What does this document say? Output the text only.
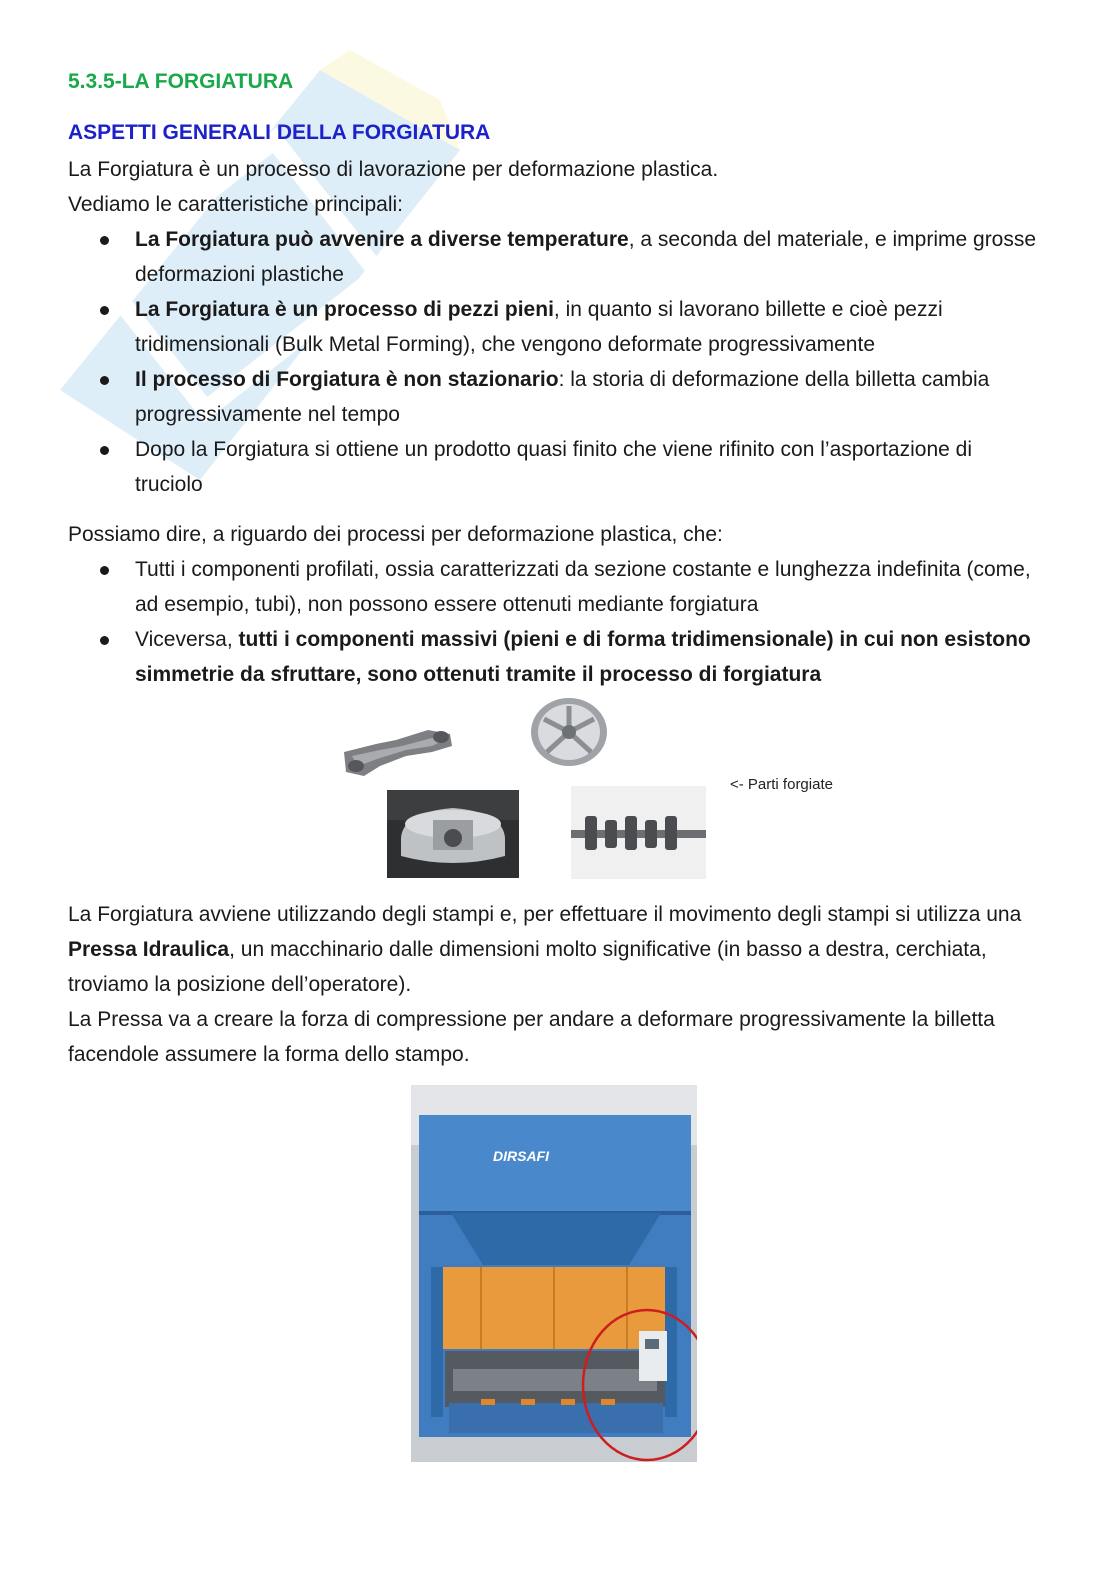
5.3.5-LA FORGIATURA
ASPETTI GENERALI DELLA FORGIATURA

La Forgiatura è un processo di lavorazione per deformazione plastica.

Vediamo le caratteristiche principali:

La Forgiatura può avvenire a diverse temperature, a seconda del materiale, e imprime grosse deformazioni plastiche
La Forgiatura è un processo di pezzi pieni, in quanto si lavorano billette e cioè pezzi tridimensionali (Bulk Metal Forming), che vengono deformate progressivamente
Il processo di Forgiatura è non stazionario: la storia di deformazione della billetta cambia progressivamente nel tempo
Dopo la Forgiatura si ottiene un prodotto quasi finito che viene rifinito con l’asportazione di truciolo

Possiamo dire, a riguardo dei processi per deformazione plastica, che:

Tutti i componenti profilati, ossia caratterizzati da sezione costante e lunghezza indefinita (come, ad esempio, tubi), non possono essere ottenuti mediante forgiatura
Viceversa, tutti i componenti massivi (pieni e di forma tridimensionale) in cui non esistono simmetrie da sfruttare, sono ottenuti tramite il processo di forgiatura

<- Parti forgiate

La Forgiatura avviene utilizzando degli stampi e, per effettuare il movimento degli stampi si utilizza una Pressa Idraulica, un macchinario dalle dimensioni molto significative (in basso a destra, cerchiata, troviamo la posizione dell’operatore).

La Pressa va a creare la forza di compressione per andare a deformare progressivamente la billetta facendole assumere la forma dello stampo.

DIRSAFI
